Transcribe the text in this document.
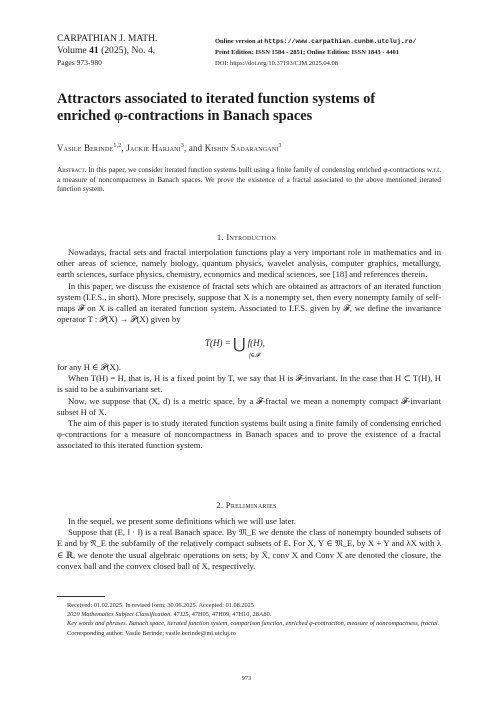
CARPATHIAN J. MATH.
Volume 41 (2025), No. 4,
Pages 973-980
Online version at https://www.carpathian.cunbm.utcluj.ro/
Print Edition: ISSN 1584 - 2851; Online Edition: ISSN 1843 - 4401
DOI: https://doi.org/10.37193/CJM.2025.04.08
Attractors associated to iterated function systems of
enriched φ-contractions in Banach spaces
Vasile Berinde$^{1,2}$, Jackie Harjani$^3$, and Kishin Sadarangani$^3$
Abstract. In this paper, we consider iterated function systems built using a finite family of condensing enriched φ-contractions w.r.t. a measure of noncompactness in Banach spaces. We prove the existence of a fractal associated to the above mentioned iterated function system.
1. Introduction

Nowadays, fractal sets and fractal interpolation functions play a very important role in mathematics and in other areas of science, namely biology, quantum physics, wavelet analysis, computer graphics, metallurgy, earth sciences, surface physics, chemistry, economics and medical sciences, see [18] and references therein.

In this paper, we discuss the existence of fractal sets which are obtained as attractors of an iterated function system (I.F.S., in short). More precisely, suppose that X is a nonempty set, then every nonempty family of self-maps 𝓕 on X is called an iterated function system. Associated to I.F.S. given by 𝓕, we define the invariance operator T : 𝒫(X) → 𝒫(X) given by

T(H) = ⋃ f(H),
f∈𝓕

for any H ∈ 𝒫(X).

When T(H) = H, that is, H is a fixed point by T, we say that H is 𝓕-invariant. In the case that H ⊂ T(H), H is said to be a subinvariant set.

Now, we suppose that (X, d) is a metric space, by a 𝓕-fractal we mean a nonempty compact 𝓕-invariant subset H of X.

The aim of this paper is to study iterated function systems built using a finite family of condensing enriched φ-contractions for a measure of noncompactness in Banach spaces and to prove the existence of a fractal associated to this iterated function system.

2. Preliminaries

In the sequel, we present some definitions which we will use later.

Suppose that (E, ‖ · ‖) is a real Banach space. By 𝔐_E we denote the class of nonempty bounded subsets of E and by 𝔑_E the subfamily of the relatively compact subsets of E. For X, Y ∈ 𝔐_E, by X + Y and λX with λ ∈ ℝ, we denote the usual algebraic operations on sets; by X̄, conv X and Conv X are denoted the closure, the convex ball and the convex closed ball of X, respectively.

Received: 01.02.2025. In revised form: 30.06.2025. Accepted: 01.08.2025

2020 Mathematics Subject Classification. 47J25, 47H05, 47H09, 47H10, 28A80.

Key words and phrases. Banach space, iterated function system, comparison function, enriched φ-contraction, measure of noncompactness, fractal.

Corresponding author: Vasile Berinde; vasile.berinde@mi.utcluj.ro

973
